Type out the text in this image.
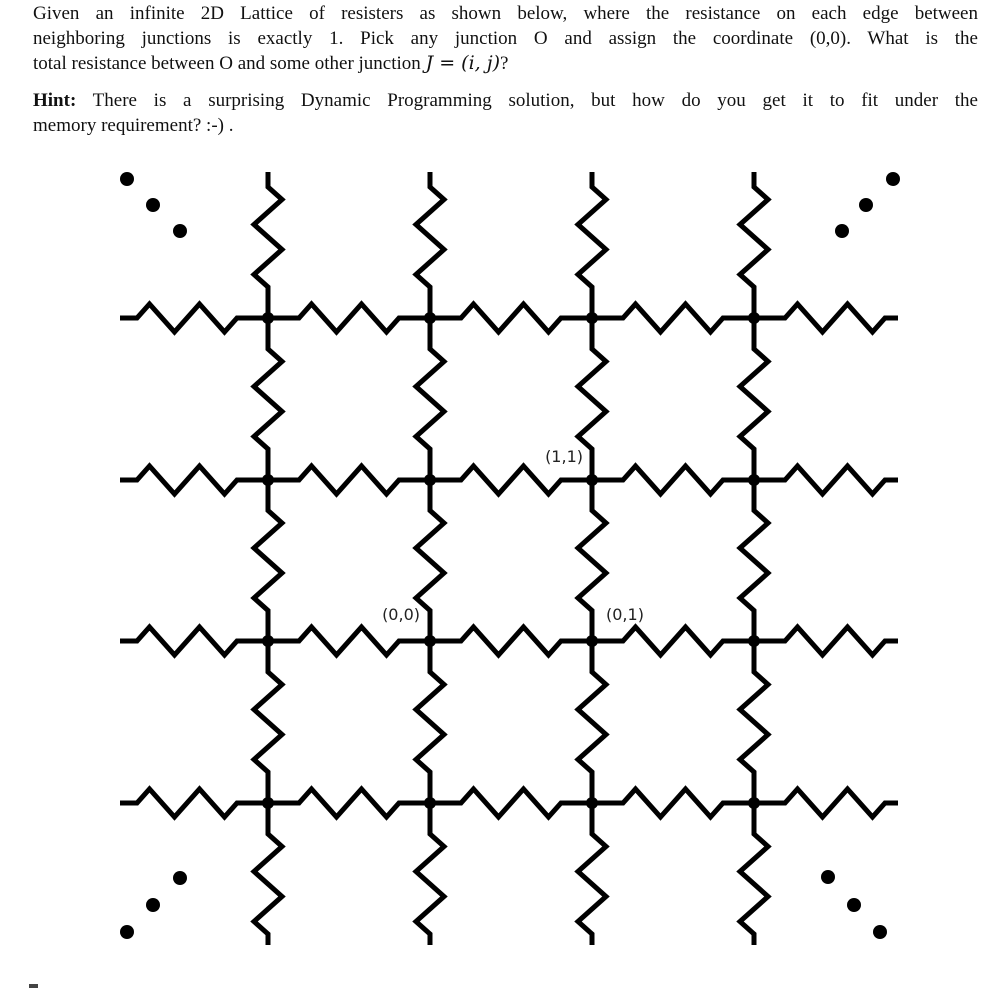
Given an infinite 2D Lattice of resisters as shown below, where the resistance on each edge between
neighboring junctions is exactly 1. Pick any junction O and assign the coordinate (0,0). What is the
total resistance between O and some other junction J = (i, j)?

Hint: There is a surprising Dynamic Programming solution, but how do you get it to fit under the
memory requirement? :-) .

(1,1)
(0,0)	(0,1)
